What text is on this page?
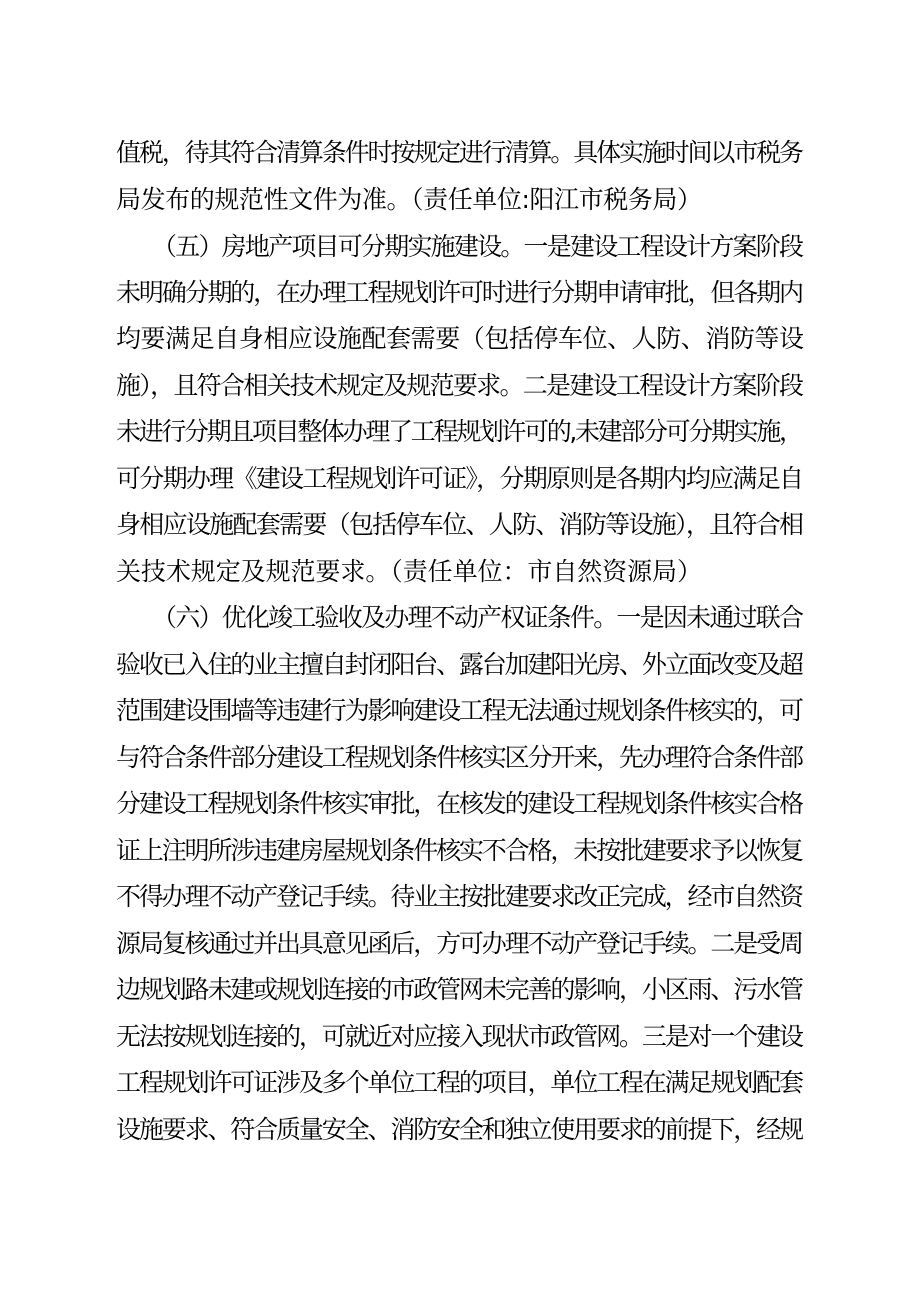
值税，待其符合清算条件时按规定进行清算。具体实施时间以市税务
局发布的规范性文件为准。（责任单位:阳江市税务局）
（五）房地产项目可分期实施建设。一是建设工程设计方案阶段
未明确分期的，在办理工程规划许可时进行分期申请审批，但各期内
均要满足自身相应设施配套需要（包括停车位、人防、消防等设
施），且符合相关技术规定及规范要求。二是建设工程设计方案阶段
未进行分期且项目整体办理了工程规划许可的,未建部分可分期实施，
可分期办理《建设工程规划许可证》，分期原则是各期内均应满足自
身相应设施配套需要（包括停车位、人防、消防等设施），且符合相
关技术规定及规范要求。（责任单位：市自然资源局）
（六）优化竣工验收及办理不动产权证条件。一是因未通过联合
验收已入住的业主擅自封闭阳台、露台加建阳光房、外立面改变及超
范围建设围墙等违建行为影响建设工程无法通过规划条件核实的，可
与符合条件部分建设工程规划条件核实区分开来，先办理符合条件部
分建设工程规划条件核实审批，在核发的建设工程规划条件核实合格
证上注明所涉违建房屋规划条件核实不合格，未按批建要求予以恢复
不得办理不动产登记手续。待业主按批建要求改正完成，经市自然资
源局复核通过并出具意见函后，方可办理不动产登记手续。二是受周
边规划路未建或规划连接的市政管网未完善的影响，小区雨、污水管
无法按规划连接的，可就近对应接入现状市政管网。三是对一个建设
工程规划许可证涉及多个单位工程的项目，单位工程在满足规划配套
设施要求、符合质量安全、消防安全和独立使用要求的前提下，经规
